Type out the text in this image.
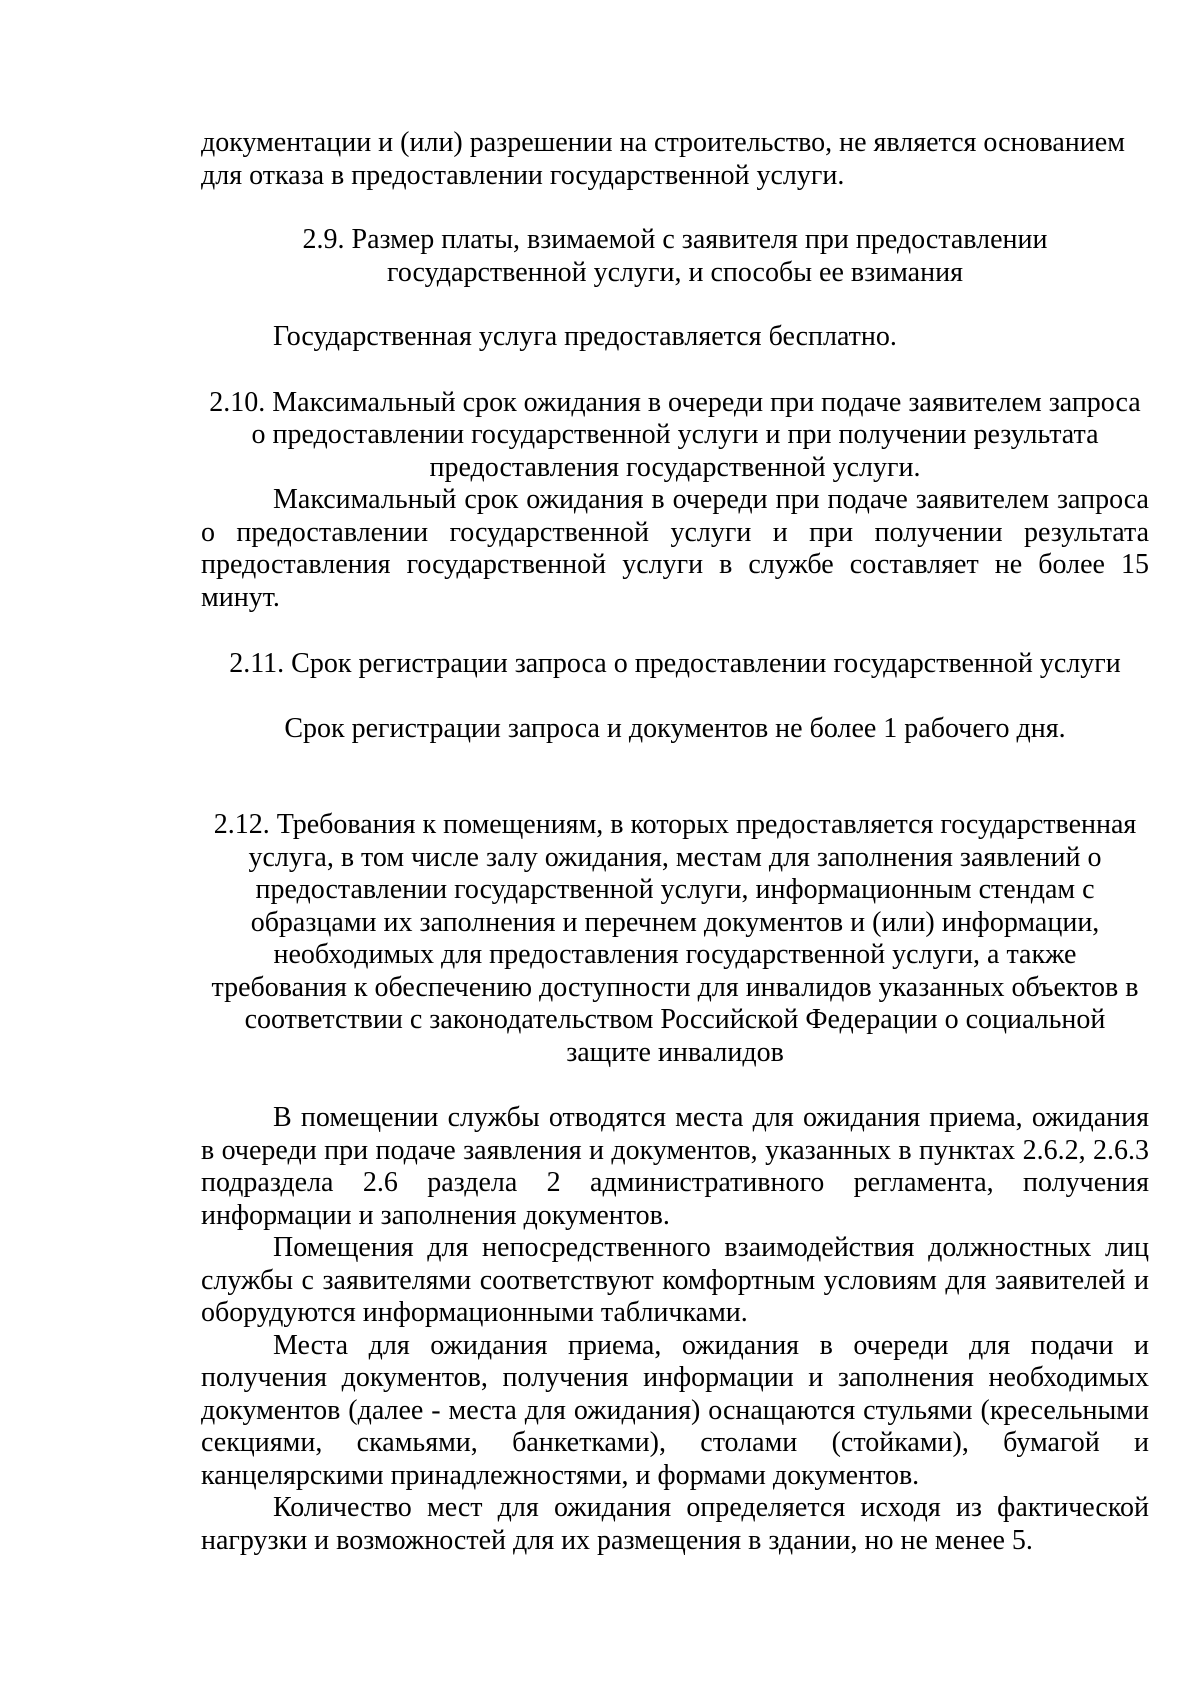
документации и (или) разрешении на строительство, не является основанием для отказа в предоставлении государственной услуги.

2.9. Размер платы, взимаемой с заявителя при предоставлении
государственной услуги, и способы ее взимания

Государственная услуга предоставляется бесплатно.

2.10. Максимальный срок ожидания в очереди при подаче заявителем запроса
о предоставлении государственной услуги и при получении результата
предоставления государственной услуги.

Максимальный срок ожидания в очереди при подаче заявителем запроса о предоставлении государственной услуги и при получении результата предоставления государственной услуги в службе составляет не более 15 минут.

2.11. Срок регистрации запроса о предоставлении государственной услуги
Срок регистрации запроса и документов не более 1 рабочего дня.
2.12. Требования к помещениям, в которых предоставляется государственная
услуга, в том числе залу ожидания, местам для заполнения заявлений о
предоставлении государственной услуги, информационным стендам с
образцами их заполнения и перечнем документов и (или) информации,
необходимых для предоставления государственной услуги, а также
требования к обеспечению доступности для инвалидов указанных объектов в
соответствии с законодательством Российской Федерации о социальной
защите инвалидов

В помещении службы отводятся места для ожидания приема, ожидания в очереди при подаче заявления и документов, указанных в пунктах 2.6.2, 2.6.3 подраздела 2.6 раздела 2 административного регламента, получения информации и заполнения документов.

Помещения для непосредственного взаимодействия должностных лиц службы с заявителями соответствуют комфортным условиям для заявителей и оборудуются информационными табличками.

Места для ожидания приема, ожидания в очереди для подачи и получения документов, получения информации и заполнения необходимых документов (далее - места для ожидания) оснащаются стульями (кресельными секциями, скамьями, банкетками), столами (стойками), бумагой и канцелярскими принадлежностями, и формами документов.

Количество мест для ожидания определяется исходя из фактической нагрузки и возможностей для их размещения в здании, но не менее 5.
